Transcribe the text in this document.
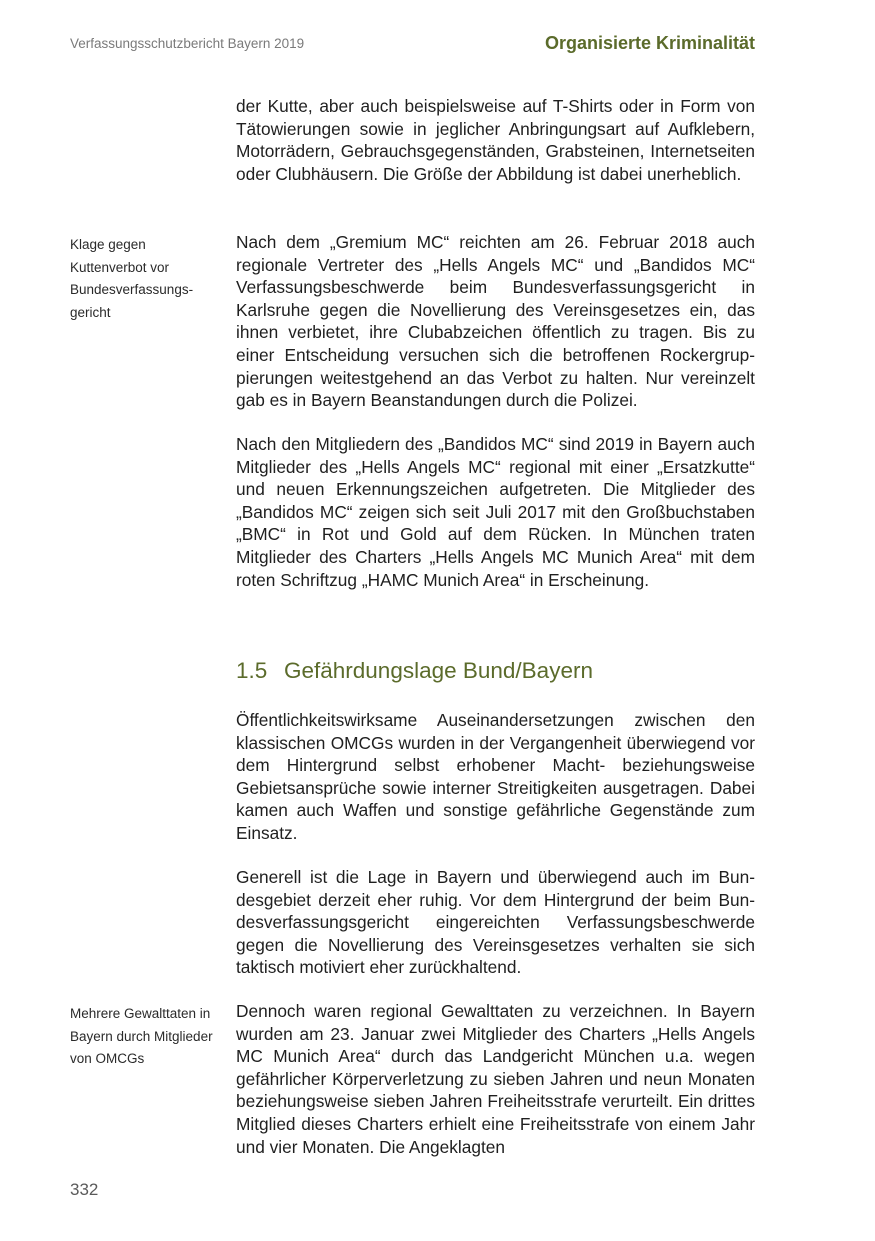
Verfassungsschutzbericht Bayern 2019	Organisierte Kriminalität
der Kutte, aber auch beispielsweise auf T-Shirts oder in Form von Tätowierungen sowie in jeglicher Anbringungsart auf Aufklebern, Motorrädern, Gebrauchsgegenständen, Grabsteinen, Internetseiten oder Clubhäusern. Die Größe der Abbildung ist dabei unerheblich.
Klage gegen Kuttenverbot vor Bundesverfassungsgericht
Nach dem „Gremium MC“ reichten am 26. Februar 2018 auch regionale Vertreter des „Hells Angels MC“ und „Bandidos MC“ Verfassungsbeschwerde beim Bundesverfassungsgericht in Karlsruhe gegen die Novellierung des Vereinsgesetzes ein, das ihnen verbietet, ihre Clubabzeichen öffentlich zu tragen. Bis zu einer Entscheidung versuchen sich die betroffenen Rockergruppierungen weitestgehend an das Verbot zu halten. Nur vereinzelt gab es in Bayern Beanstandungen durch die Polizei.
Nach den Mitgliedern des „Bandidos MC“ sind 2019 in Bayern auch Mitglieder des „Hells Angels MC“ regional mit einer „Ersatzkutte“ und neuen Erkennungszeichen aufgetreten. Die Mitglieder des „Bandidos MC“ zeigen sich seit Juli 2017 mit den Großbuchstaben „BMC“ in Rot und Gold auf dem Rücken. In München traten Mitglieder des Charters „Hells Angels MC Munich Area“ mit dem roten Schriftzug „HAMC Munich Area“ in Erscheinung.
1.5 Gefährdungslage Bund/Bayern
Öffentlichkeitswirksame Auseinandersetzungen zwischen den klassischen OMCGs wurden in der Vergangenheit überwiegend vor dem Hintergrund selbst erhobener Macht- beziehungsweise Gebietsansprüche sowie interner Streitigkeiten ausgetragen. Dabei kamen auch Waffen und sonstige gefährliche Gegenstände zum Einsatz.
Generell ist die Lage in Bayern und überwiegend auch im Bundesgebiet derzeit eher ruhig. Vor dem Hintergrund der beim Bundesverfassungsgericht eingereichten Verfassungsbeschwerde gegen die Novellierung des Vereinsgesetzes verhalten sie sich taktisch motiviert eher zurückhaltend.
Mehrere Gewalttaten in Bayern durch Mitglieder von OMCGs
Dennoch waren regional Gewalttaten zu verzeichnen. In Bayern wurden am 23. Januar zwei Mitglieder des Charters „Hells Angels MC Munich Area“ durch das Landgericht München u.a. wegen gefährlicher Körperverletzung zu sieben Jahren und neun Monaten beziehungsweise sieben Jahren Freiheitsstrafe verurteilt. Ein drittes Mitglied dieses Charters erhielt eine Freiheitsstrafe von einem Jahr und vier Monaten. Die Angeklagten
332
